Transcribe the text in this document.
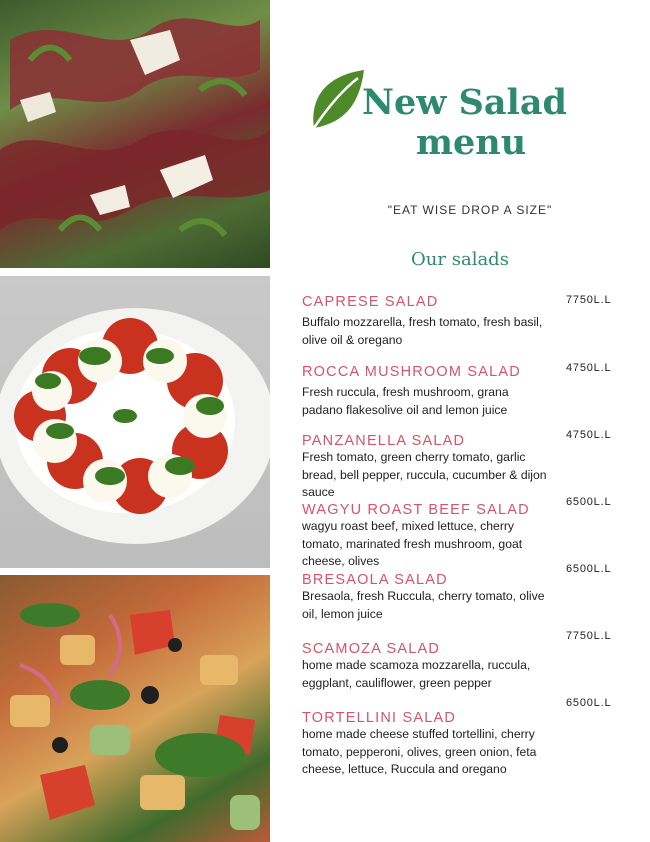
New Salad
menu
"EAT WISE DROP A SIZE"
Our salads
CAPRESE SALAD
Buffalo mozzarella, fresh tomato, fresh basil, olive oil & oregano
7750L.L
ROCCA MUSHROOM SALAD
Fresh ruccula, fresh mushroom, grana padano flakesolive oil and lemon juice
4750L.L
PANZANELLA SALAD
Fresh tomato, green cherry tomato, garlic bread, bell pepper, ruccula, cucumber & dijon sauce
4750L.L
WAGYU ROAST BEEF SALAD
wagyu roast beef, mixed lettuce, cherry tomato, marinated fresh mushroom, goat cheese, olives
6500L.L
BRESAOLA SALAD
Bresaola, fresh Ruccula, cherry tomato, olive oil, lemon juice
6500L.L
SCAMOZA SALAD
home made scamoza mozzarella, ruccula, eggplant, cauliflower, green pepper
7750L.L
TORTELLINI SALAD
home made cheese stuffed tortellini, cherry tomato, pepperoni, olives, green onion, feta cheese, lettuce, Ruccula and oregano
6500L.L
